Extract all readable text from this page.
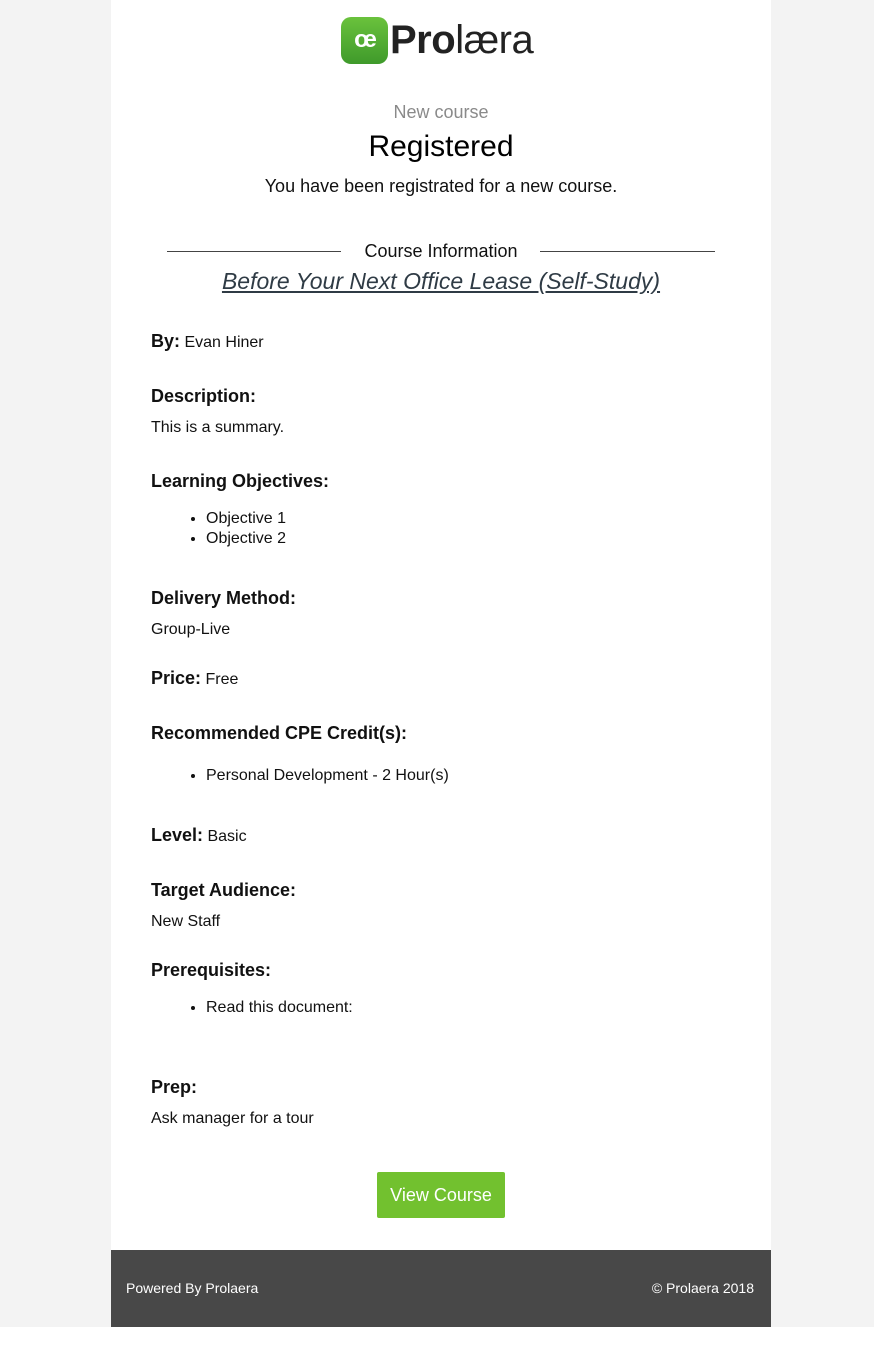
œ Prolæra
New course
Registered
You have been registrated for a new course.
Course Information
Before Your Next Office Lease (Self-Study)
By: Evan Hiner
Description:
This is a summary.
Learning Objectives:
• Objective 1
• Objective 2
Delivery Method:
Group-Live
Price: Free
Recommended CPE Credit(s):
• Personal Development - 2 Hour(s)
Level: Basic
Target Audience:
New Staff
Prerequisites:
• Read this document:
Prep:
Ask manager for a tour
View Course
Powered By Prolaera	© Prolaera 2018
